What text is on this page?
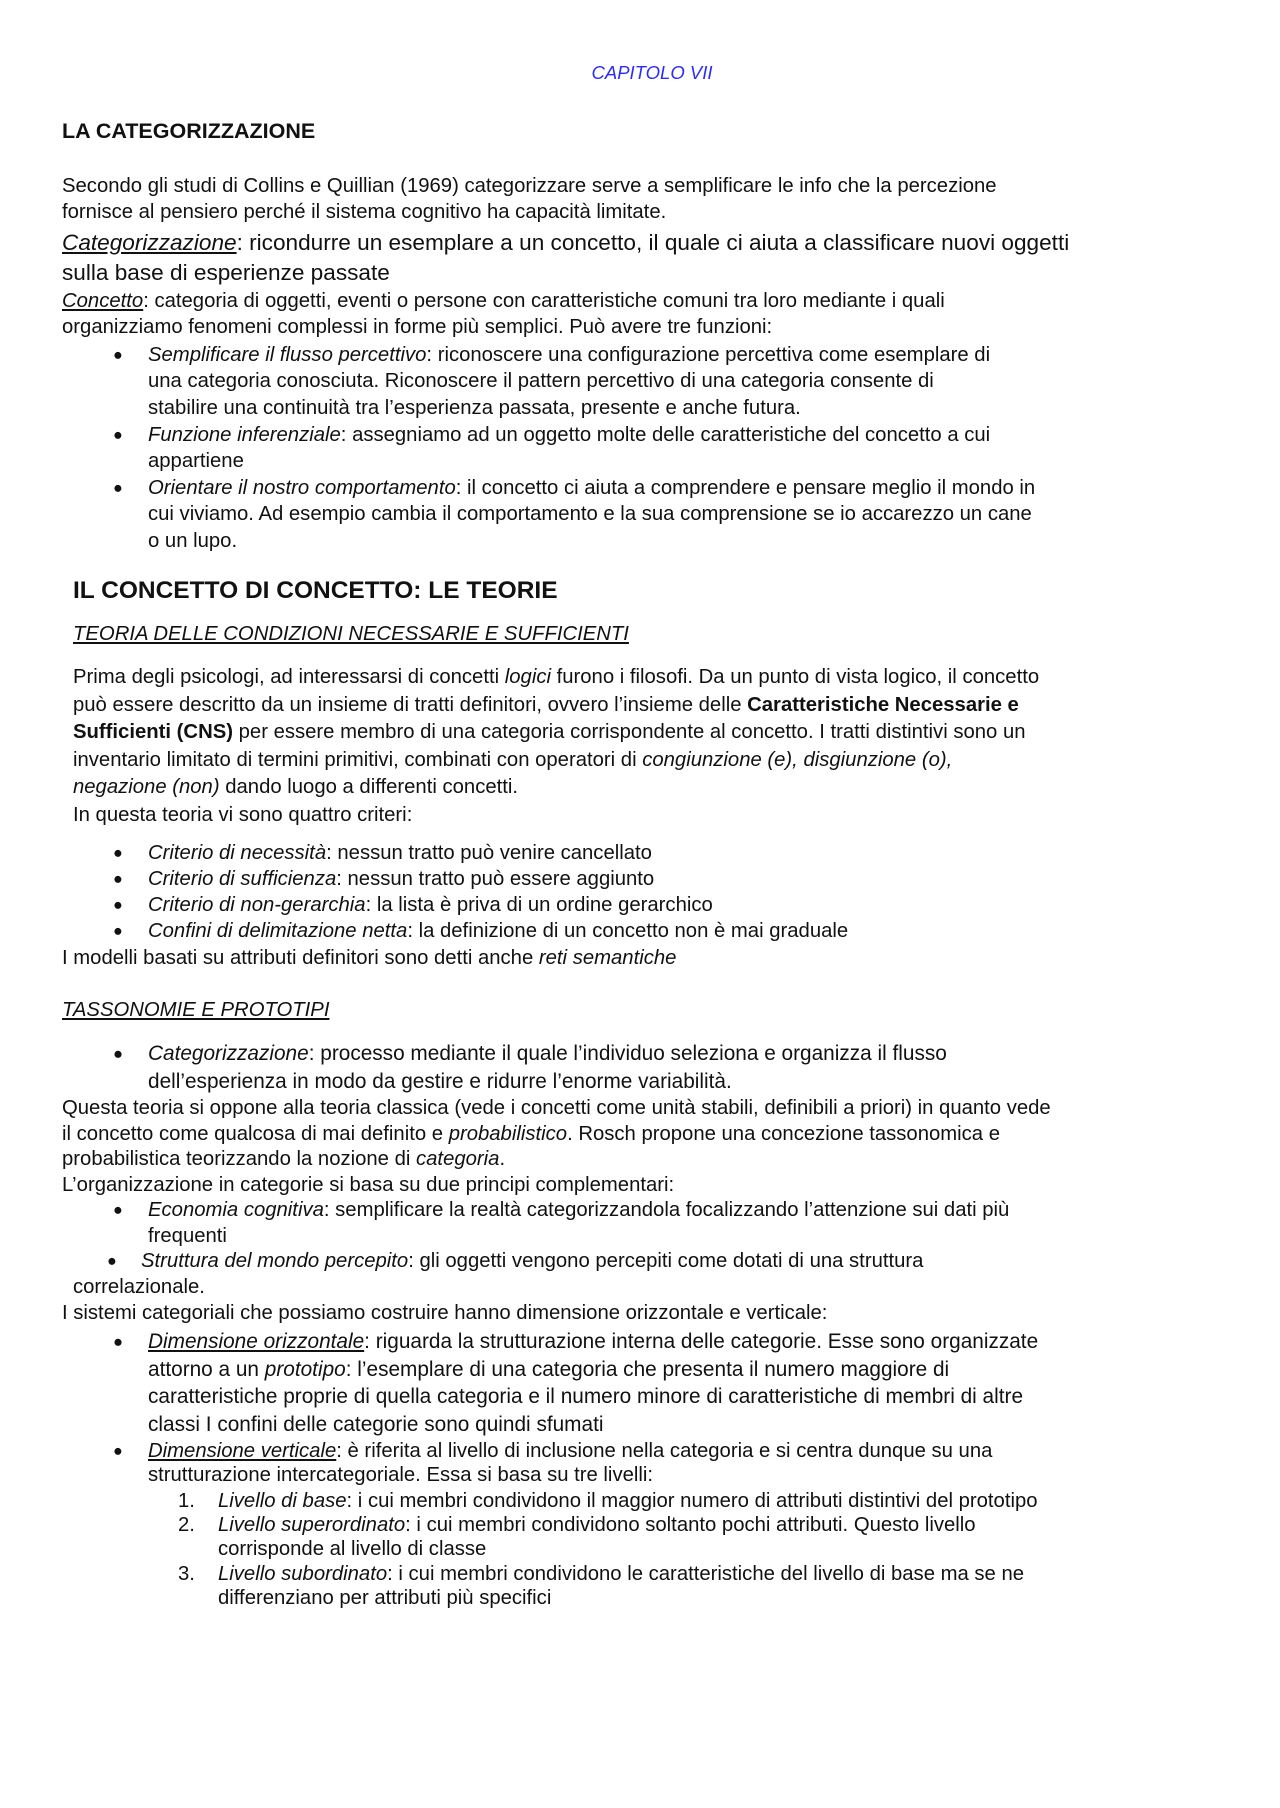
CAPITOLO VII
LA CATEGORIZZAZIONE
Secondo gli studi di Collins e Quillian (1969) categorizzare serve a semplificare le info che la percezione
fornisce al pensiero perché il sistema cognitivo ha capacità limitate.
Categorizzazione: ricondurre un esemplare a un concetto, il quale ci aiuta a classificare nuovi oggetti
sulla base di esperienze passate
Concetto: categoria di oggetti, eventi o persone con caratteristiche comuni tra loro mediante i quali
organizziamo fenomeni complessi in forme più semplici. Può avere tre funzioni:
● Semplificare il flusso percettivo: riconoscere una configurazione percettiva come esemplare di
una categoria conosciuta. Riconoscere il pattern percettivo di una categoria consente di
stabilire una continuità tra l’esperienza passata, presente e anche futura.
● Funzione inferenziale: assegniamo ad un oggetto molte delle caratteristiche del concetto a cui
appartiene
● Orientare il nostro comportamento: il concetto ci aiuta a comprendere e pensare meglio il mondo in
cui viviamo. Ad esempio cambia il comportamento e la sua comprensione se io accarezzo un cane
o un lupo.
IL CONCETTO DI CONCETTO: LE TEORIE
TEORIA DELLE CONDIZIONI NECESSARIE E SUFFICIENTI
Prima degli psicologi, ad interessarsi di concetti logici furono i filosofi. Da un punto di vista logico, il concetto
può essere descritto da un insieme di tratti definitori, ovvero l’insieme delle Caratteristiche Necessarie e
Sufficienti (CNS) per essere membro di una categoria corrispondente al concetto. I tratti distintivi sono un
inventario limitato di termini primitivi, combinati con operatori di congiunzione (e), disgiunzione (o),
negazione (non) dando luogo a differenti concetti.
In questa teoria vi sono quattro criteri:
● Criterio di necessità: nessun tratto può venire cancellato
● Criterio di sufficienza: nessun tratto può essere aggiunto
● Criterio di non-gerarchia: la lista è priva di un ordine gerarchico
● Confini di delimitazione netta: la definizione di un concetto non è mai graduale
I modelli basati su attributi definitori sono detti anche reti semantiche
TASSONOMIE E PROTOTIPI
● Categorizzazione: processo mediante il quale l’individuo seleziona e organizza il flusso
dell’esperienza in modo da gestire e ridurre l’enorme variabilità.
Questa teoria si oppone alla teoria classica (vede i concetti come unità stabili, definibili a priori) in quanto vede
il concetto come qualcosa di mai definito e probabilistico. Rosch propone una concezione tassonomica e
probabilistica teorizzando la nozione di categoria.
L’organizzazione in categorie si basa su due principi complementari:
● Economia cognitiva: semplificare la realtà categorizzandola focalizzando l’attenzione sui dati più
frequenti
● Struttura del mondo percepito: gli oggetti vengono percepiti come dotati di una struttura
correlazionale.
I sistemi categoriali che possiamo costruire hanno dimensione orizzontale e verticale:
● Dimensione orizzontale: riguarda la strutturazione interna delle categorie. Esse sono organizzate
attorno a un prototipo: l’esemplare di una categoria che presenta il numero maggiore di
caratteristiche proprie di quella categoria e il numero minore di caratteristiche di membri di altre
classi I confini delle categorie sono quindi sfumati
● Dimensione verticale: è riferita al livello di inclusione nella categoria e si centra dunque su una
strutturazione intercategoriale. Essa si basa su tre livelli:
1. Livello di base: i cui membri condividono il maggior numero di attributi distintivi del prototipo
2. Livello superordinato: i cui membri condividono soltanto pochi attributi. Questo livello
corrisponde al livello di classe
3. Livello subordinato: i cui membri condividono le caratteristiche del livello di base ma se ne
differenziano per attributi più specifici
